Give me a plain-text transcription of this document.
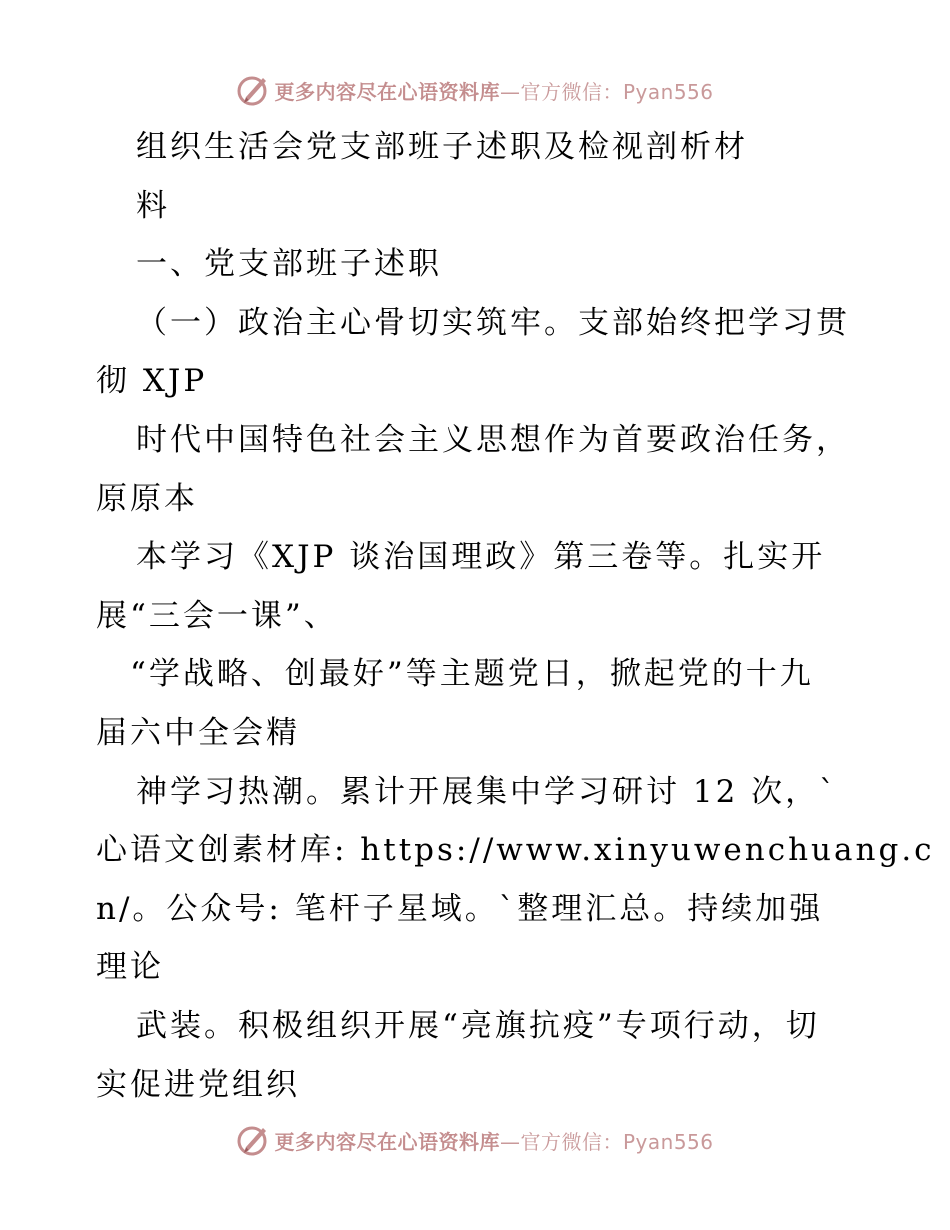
更多内容尽在心语资料库—官方微信：Pyan556
组织生活会党支部班子述职及检视剖析材
料
一、党支部班子述职
（一）政治主心骨切实筑牢。支部始终把学习贯
彻 XJP
时代中国特色社会主义思想作为首要政治任务，
原原本
本学习《XJP 谈治国理政》第三卷等。扎实开
展“三会一课”、
“学战略、创最好”等主题党日，掀起党的十九
届六中全会精
神学习热潮。累计开展集中学习研讨 12 次，`
心语文创素材库: https://www.xinyuwenchuang.c
n/。公众号: 笔杆子星域。`整理汇总。持续加强
理论
武装。积极组织开展“亮旗抗疫”专项行动，切
实促进党组织
更多内容尽在心语资料库—官方微信：Pyan556
